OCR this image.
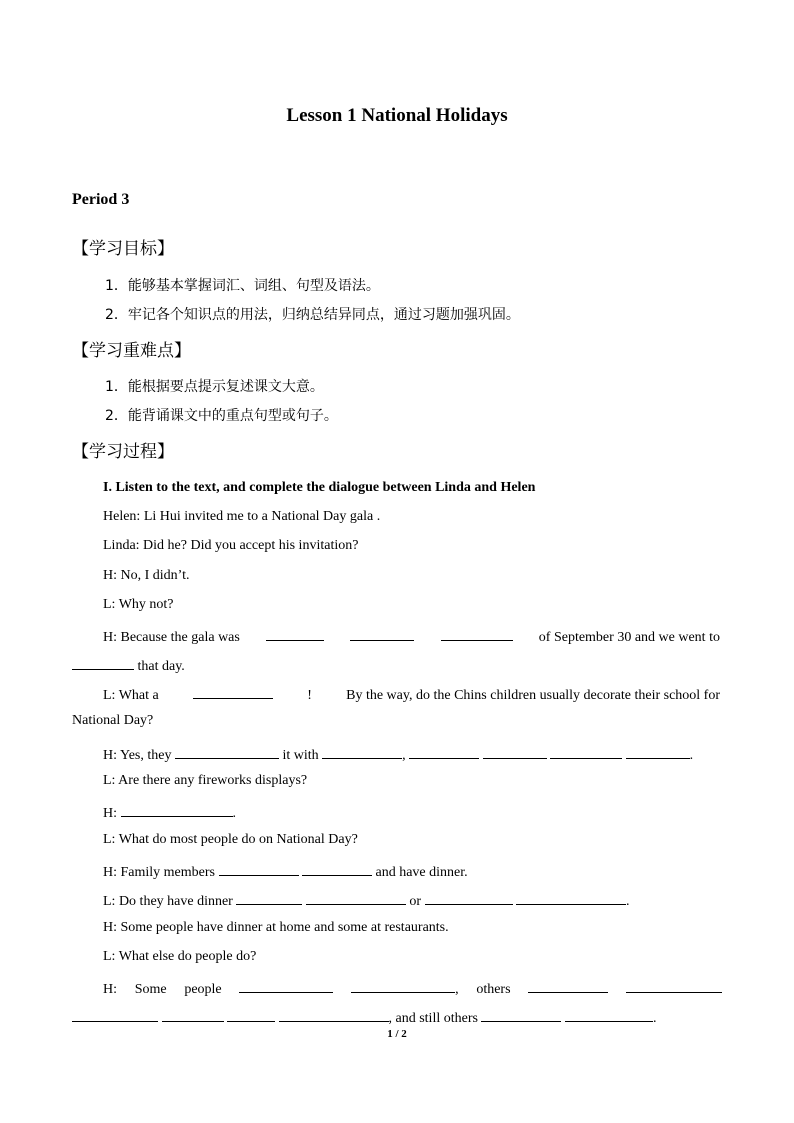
Lesson 1 National Holidays
Period 3
【学习目标】
1．能够基本掌握词汇、词组、句型及语法。
2．牢记各个知识点的用法，归纳总结异同点，通过习题加强巩固。
【学习重难点】
1．能根据要点提示复述课文大意。
2．能背诵课文中的重点句型或句子。
【学习过程】
I. Listen to the text, and complete the dialogue between Linda and Helen
Helen: Li Hui invited me to a National Day gala .
Linda: Did he? Did you accept his invitation?
H: No, I didn’t.
L: Why not?
H: Because the gala was	of September 30 and we went to
that day.
L: What a	! By the way, do the Chins children usually decorate their school for
National Day?
H: Yes, they	it with	,	.
L: Are there any fireworks displays?
H:	.
L: What do most people do on National Day?
H: Family members	and have dinner.
L: Do they have dinner	or	.
H: Some people have dinner at home and some at restaurants.
L: What else do people do?
H: Some people	, others
, and still others	.
1 / 2
